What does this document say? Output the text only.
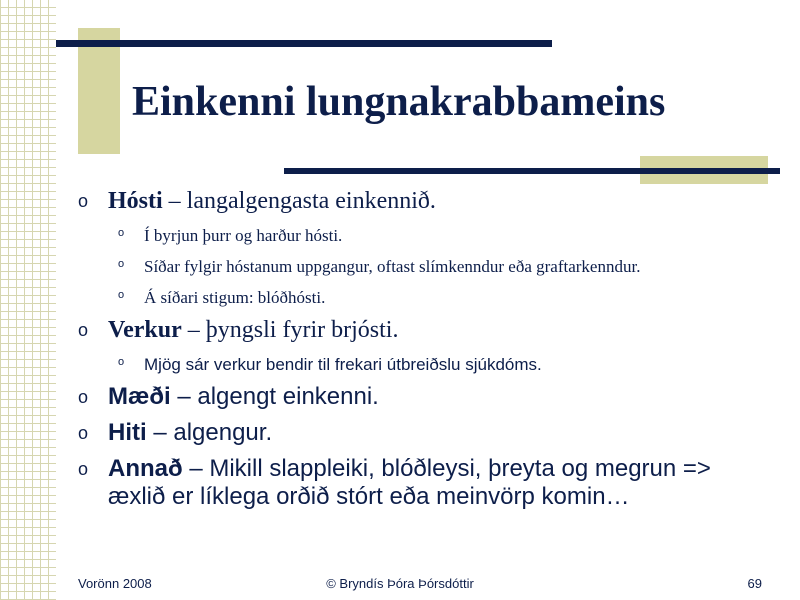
Einkenni lungnakrabbameins
o Hósti – langalgengasta einkennið.
o Í byrjun þurr og harður hósti.
o Síðar fylgir hóstanum uppgangur, oftast slímkenndur eða graftarkenndur.
o Á síðari stigum: blóðhósti.
o Verkur – þyngsli fyrir brjósti.
o Mjög sár verkur bendir til frekari útbreiðslu sjúkdóms.
o Mæði – algengt einkenni.
o Hiti – algengur.
o Annað – Mikill slappleiki, blóðleysi, þreyta og megrun => æxlið er líklega orðið stórt eða meinvörp komin…
Vorönn 2008	© Bryndís Þóra Þórsdóttir	69
